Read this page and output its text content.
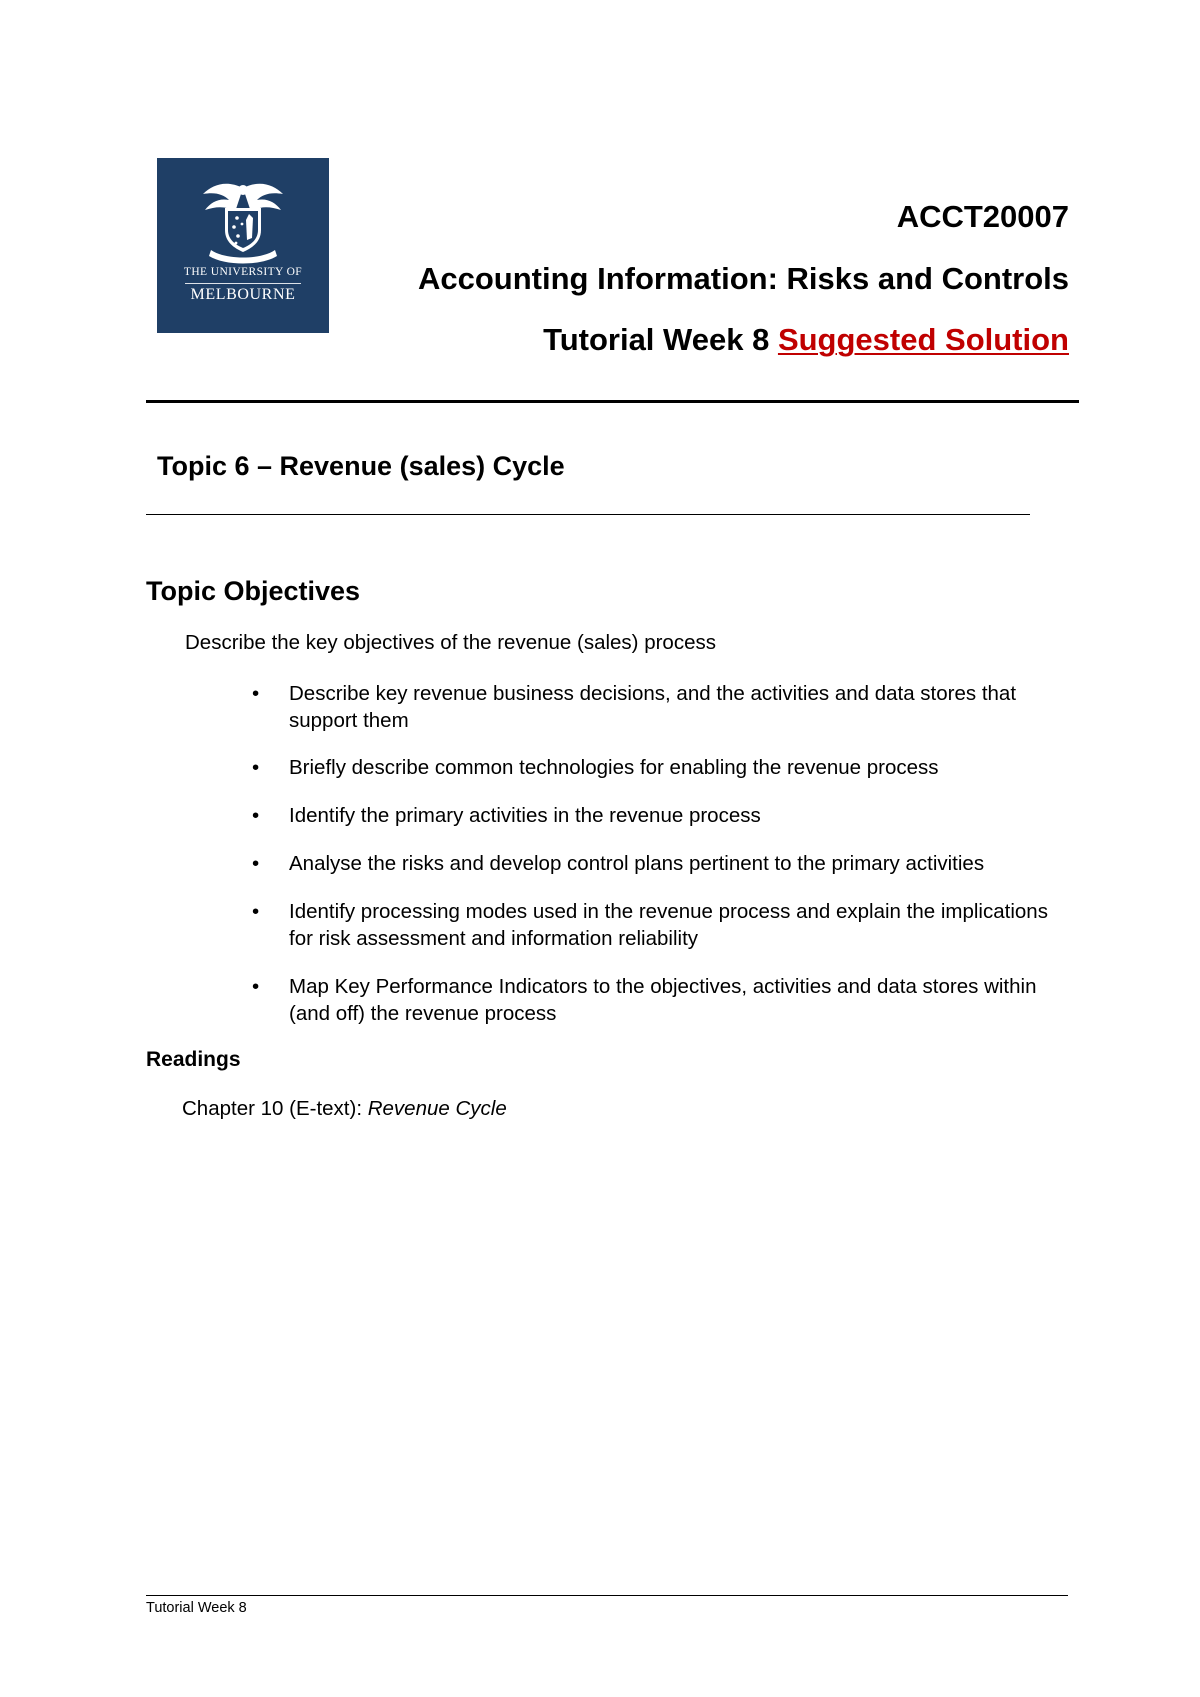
THE UNIVERSITY OF
MELBOURNE
ACCT20007
Accounting Information: Risks and Controls
Tutorial Week 8 Suggested Solution
Topic 6 – Revenue (sales) Cycle
Topic Objectives
Describe the key objectives of the revenue (sales) process
• Describe key revenue business decisions, and the activities and data stores that support them
• Briefly describe common technologies for enabling the revenue process
• Identify the primary activities in the revenue process
• Analyse the risks and develop control plans pertinent to the primary activities
• Identify processing modes used in the revenue process and explain the implications for risk assessment and information reliability
• Map Key Performance Indicators to the objectives, activities and data stores within (and off) the revenue process
Readings
Chapter 10 (E-text): Revenue Cycle
Tutorial Week 8
